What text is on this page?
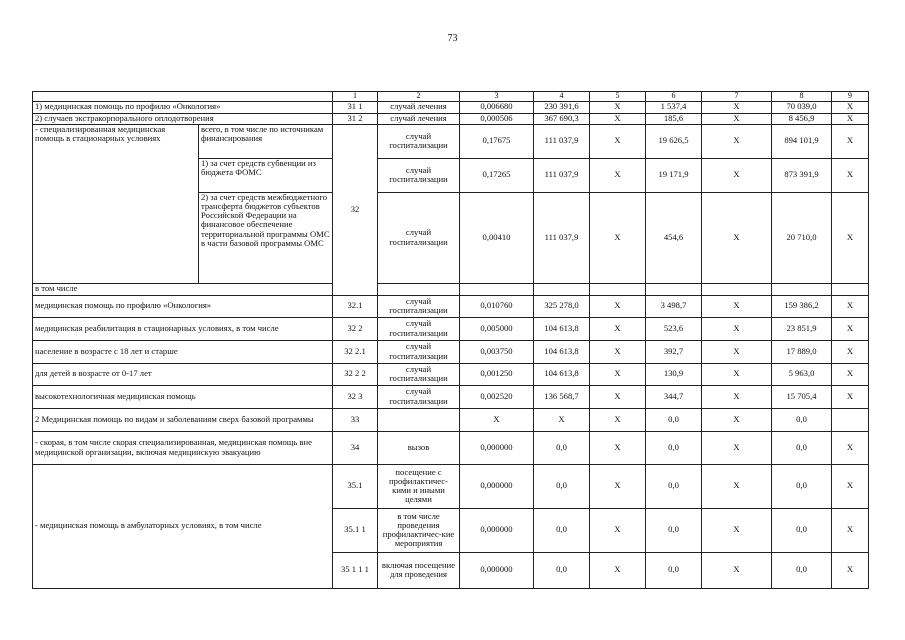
73
		1	2	3	4	5	6	7	8	9
1) медицинская помощь по профилю «Онкология»		31 1	случай лечения	0,006680	230 391,6	X	1 537,4	X	70 039,0	X
2) случаев экстракорпорального оплодотворения		31 2	случай лечения	0,000506	367 690,3	X	185,6	X	8 456,9	X
- специализированная медицинская помощь в стационарных условиях	всего, в том числе по источникам финансирования	32	случай госпитализации	0,17675	111 037,9	X	19 626,5	X	894 101,9	X
	1) за счет средств субвенции из бюджета ФОМС		случай госпитализации	0,17265	111 037,9	X	19 171,9	X	873 391,9	X
	2) за счет средств межбюджетного трансферта бюджетов субъектов Российской Федерации на финансовое обеспечение территориальной программы ОМС в части базовой программы ОМС		случай госпитализации	0,00410	111 037,9	X	454,6	X	20 710,0	X
в том числе										
медицинская помощь по профилю «Онкология»		32.1	случай госпитализации	0,010760	325 278,0	X	3 498,7	X	159 386,2	X
медицинская реабилитация в стационарных условиях, в том числе		32 2	случай госпитализации	0,005000	104 613,8	X	523,6	X	23 851,9	X
население в возрасте с 18 лет и старше		32 2.1	случай госпитализации	0,003750	104 613,8	X	392,7	X	17 889,0	X
для детей в возрасте от 0-17 лет		32 2 2	случай госпитализации	0,001250	104 613,8	X	130,9	X	5 963,0	X
высокотехнологичная медицинская помощь		32 3	случай госпитализации	0,002520	136 568,7	X	344,7	X	15 705,4	X
2 Медицинская помощь по видам и заболеваниям сверх базовой программы		33		X	X	X	0,0	X	0,0	
- скорая, в том числе скорая специализированная, медицинская помощь вне медицинской организации, включая медицинскую эвакуацию		34	вызов	0,000000	0,0	X	0,0	X	0,0	X
- медицинская помощь в амбулаторных условиях, в том числе		35.1	посещение с профилактичес-кими и иными целями	0,000000	0,0	X	0,0	X	0,0	X
		35.1 1	в том числе проведения профилактичес-кие мероприятия	0,000000	0,0	X	0,0	X	0,0	X
		35 1 1 1	включая посещение для проведения	0,000000	0,0	X	0,0	X	0,0	X
